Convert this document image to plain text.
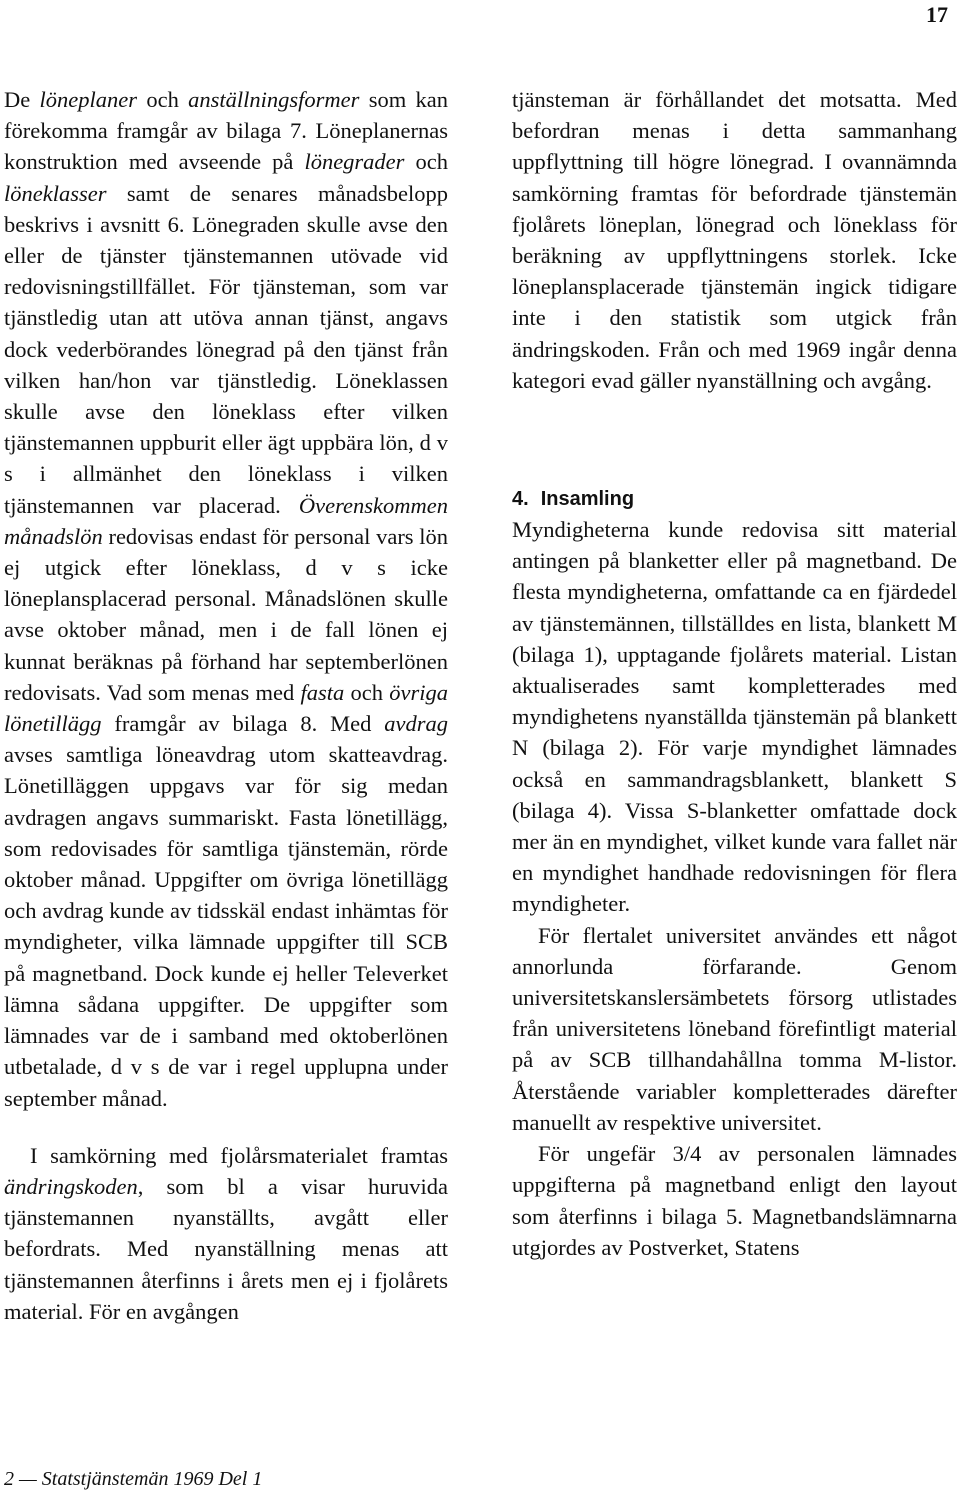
17

De löneplaner och anställningsformer som kan förekomma framgår av bilaga 7. Löneplanernas konstruktion med avseende på lönegrader och löneklasser samt de senares månadsbelopp beskrivs i avsnitt 6. Lönegraden skulle avse den eller de tjänster tjänstemannen utövade vid redovisningstillfället. För tjänsteman, som var tjänstledig utan att utöva annan tjänst, angavs dock vederbörandes lönegrad på den tjänst från vilken han/hon var tjänstledig. Löneklassen skulle avse den löneklass efter vilken tjänstemannen uppburit eller ägt uppbära lön, d v s i allmänhet den löneklass i vilken tjänstemannen var placerad. Överenskommen månadslön redovisas endast för personal vars lön ej utgick efter löneklass, d v s icke löneplansplacerad personal. Månadslönen skulle avse oktober månad, men i de fall lönen ej kunnat beräknas på förhand har septemberlönen redovisats. Vad som menas med fasta och övriga lönetillägg framgår av bilaga 8. Med avdrag avses samtliga löneavdrag utom skatteavdrag. Lönetilläggen uppgavs var för sig medan avdragen angavs summariskt. Fasta lönetillägg, som redovisades för samtliga tjänstemän, rörde oktober månad. Uppgifter om övriga lönetillägg och avdrag kunde av tidsskäl endast inhämtas för myndigheter, vilka lämnade uppgifter till SCB på magnetband. Dock kunde ej heller Televerket lämna sådana uppgifter. De uppgifter som lämnades var de i samband med oktoberlönen utbetalade, d v s de var i regel upplupna under september månad.

I samkörning med fjolårsmaterialet framtas ändringskoden, som bl a visar huruvida tjänstemannen nyanställts, avgått eller befordrats. Med nyanställning menas att tjänstemannen återfinns i årets men ej i fjolårets material. För en avgången

tjänsteman är förhållandet det motsatta. Med befordran menas i detta sammanhang uppflyttning till högre lönegrad. I ovannämnda samkörning framtas för befordrade tjänstemän fjolårets löneplan, lönegrad och löneklass för beräkning av uppflyttningens storlek. Icke löneplansplacerade tjänstemän ingick tidigare inte i den statistik som utgick från ändringskoden. Från och med 1969 ingår denna kategori evad gäller nyanställning och avgång.

4. Insamling

Myndigheterna kunde redovisa sitt material antingen på blanketter eller på magnetband. De flesta myndigheterna, omfattande ca en fjärdedel av tjänstemännen, tillställdes en lista, blankett M (bilaga 1), upptagande fjolårets material. Listan aktualiserades samt kompletterades med myndighetens nyanställda tjänstemän på blankett N (bilaga 2). För varje myndighet lämnades också en sammandragsblankett, blankett S (bilaga 4). Vissa S-blanketter omfattade dock mer än en myndighet, vilket kunde vara fallet när en myndighet handhade redovisningen för flera myndigheter.

För flertalet universitet användes ett något annorlunda förfarande. Genom universitetskanslersämbetets försorg utlistades från universitetens löneband förefintligt material på av SCB tillhandahållna tomma M-listor. Återstående variabler kompletterades därefter manuellt av respektive universitet.

För ungefär 3/4 av personalen lämnades uppgifterna på magnetband enligt den layout som återfinns i bilaga 5. Magnetbandslämnarna utgjordes av Postverket, Statens

2 — Statstjänstemän 1969 Del 1
